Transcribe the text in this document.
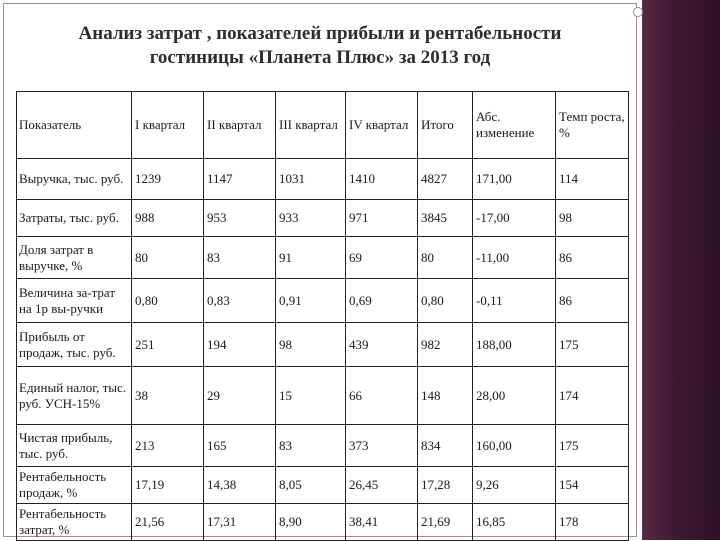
Анализ затрат , показателей прибыли и рентабельности
гостиницы «Планета Плюс» за 2013 год
Показатель	I квартал	II квартал	III квартал	IV квартал	Итого	Абс. изменение	Темп роста, %
Выручка, тыс. руб.	1239	1147	1031	1410	4827	171,00	114
Затраты, тыс. руб.	988	953	933	971	3845	-17,00	98
Доля затрат в выручке, %	80	83	91	69	80	-11,00	86
Величина за-трат на 1р вы-ручки	0,80	0,83	0,91	0,69	0,80	-0,11	86
Прибыль от продаж, тыс. руб.	251	194	98	439	982	188,00	175
Единый налог, тыс. руб. УСН-15%	38	29	15	66	148	28,00	174
Чистая прибыль, тыс. руб.	213	165	83	373	834	160,00	175
Рентабельность продаж, %	17,19	14,38	8,05	26,45	17,28	9,26	154
Рентабельность затрат, %	21,56	17,31	8,90	38,41	21,69	16,85	178
